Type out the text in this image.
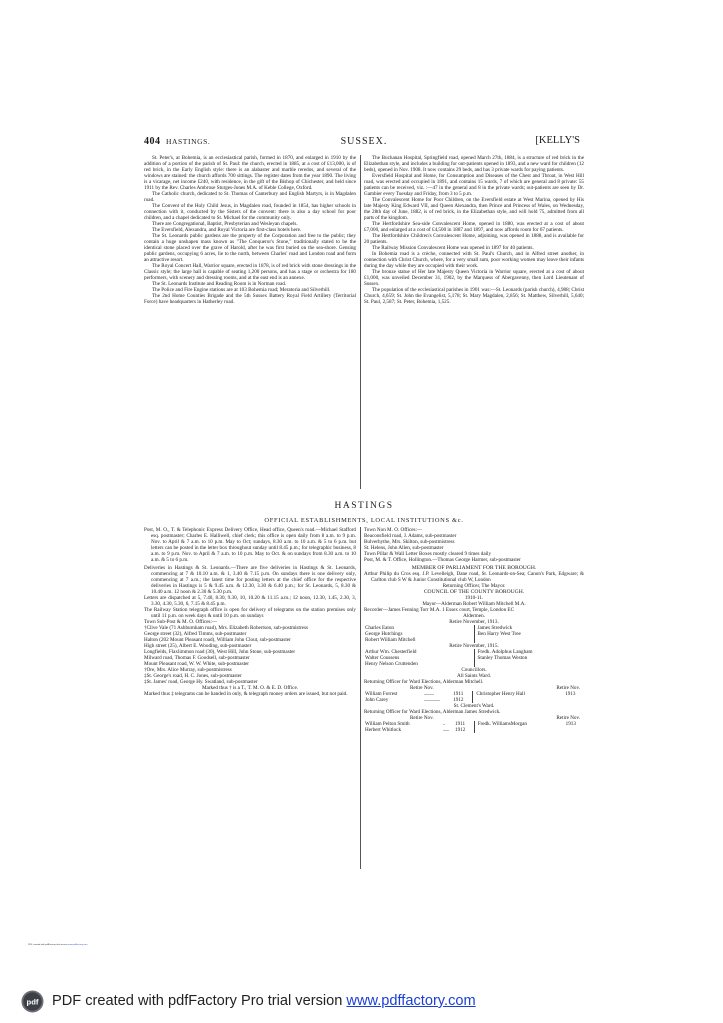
404 HASTINGS.	SUSSEX.	[KELLY'S

St. Peter's, at Bohemia, is an ecclesiastical parish, formed in 1870, and enlarged in 1910 by the addition of a portion of the parish of St. Paul: the church, erected in 1885, at a cost of £13,000, is of red brick, in the Early English style: there is an alabaster and marble reredos, and several of the windows are stained: the church affords 700 sittings. The register dates from the year 1890. The living is a vicarage, net income £240, with residence, in the gift of the Bishop of Chichester, and held since 1911 by the Rev. Charles Ambrose Sturges-Jones M.A. of Keble College, Oxford.

The Catholic church, dedicated to St. Thomas of Canterbury and English Martyrs, is in Magdalen road.

The Convent of the Holy Child Jesus, in Magdalen road, founded in 1854, has higher schools in connection with it, conducted by the Sisters of the convent: there is also a day school for poor children, and a chapel dedicated to St. Michael for the community only.

There are Congregational, Baptist, Presbyterian and Wesleyan chapels.

The Eversfield, Alexandra, and Royal Victoria are first-class hotels here.

The St. Leonards public gardens are the property of the Corporation and free to the public; they contain a huge unshapen mass known as "The Conqueror's Stone," traditionally stated to be the identical stone placed over the grave of Harold, after he was first buried on the sea-shore. Gensing public gardens, occupying 6 acres, lie to the north, between Charles' road and London road and form an attractive resort.

The Royal Concert Hall, Warrior square, erected in 1878, is of red brick with stone dressings in the Classic style; the large hall is capable of seating 1,200 persons, and has a stage or orchestra for 180 performers, with scenery and dressing rooms, and at the east end is an annexe.

The St. Leonards Institute and Reading Room is in Norman road.

The Police and Fire Engine stations are at 103 Bohemia road; Meratoria and Silverhill.

The 2nd Home Counties Brigade and the 5th Sussex Battery Royal Field Artillery (Territorial Force) have headquarters in Hatherley road.

The Buchanan Hospital, Springfield road, opened March 27th, 1884, is a structure of red brick in the Elizabethan style, and includes a building for out-patients opened in 1893, and a new ward for children (12 beds), opened in Nov. 1908. It now contains 29 beds, and has 3 private wards for paying patients.

Eversfield Hospital and Home, for Consumption and Diseases of the Chest and Throat, in West Hill road, was erected and occupied in 1891, and contains 15 wards, 7 of which are general and 8 private: 55 patients can be received, viz. :—47 in the general and 8 in the private wards; out-patients are seen by Dr. Gambier every Tuesday and Friday, from 3 to 5 p.m.

The Convalescent Home for Poor Children, on the Eversfield estate at West Marina, opened by His late Majesty King Edward VII, and Queen Alexandra, then Prince and Princess of Wales, on Wednesday, the 28th day of June, 1882, is of red brick, in the Elizabethan style, and will hold 75, admitted from all parts of the kingdom.

The Hertfordshire Sea-side Convalescent Home, opened in 1880, was erected at a cost of about £7,000, and enlarged at a cost of £4,500 in 1887 and 1897, and now affords room for 67 patients.

The Hertfordshire Children's Convalescent Home, adjoining, was opened in 1888, and is available for 20 patients.

The Railway Mission Convalescent Home was opened in 1897 for 40 patients.

In Bohemia road is a crèche, connected with St. Paul's Church, and in Alfred street another, in connection with Christ Church, where, for a very small sum, poor working women may leave their infants during the day while they are occupied with their work.

The bronze statue of Her late Majesty Queen Victoria in Warrior square, erected at a cost of about £1,000, was unveiled December 31, 1902, by the Marquess of Abergavenny, then Lord Lieutenant of Sussex.

The population of the ecclesiastical parishes in 1901 was:—St. Leonards (parish church), 4,988; Christ Church, 4,659; St. John the Evangelist, 5,178; St. Mary Magdalen, 2,856; St. Matthew, Silverhill, 5,640; St. Paul, 2,587; St. Peter, Bohemia, 1,525.

HASTINGS
OFFICIAL ESTABLISHMENTS, LOCAL INSTITUTIONS &c.

Post, M. O., T. & Telephonic Express Delivery Office, Head office, Queen's road.—Michael Stafford esq. postmaster; Charles E. Halliwell, chief clerk; this office is open daily from 8 a.m. to 9 p.m. Nov. to April & 7 a.m. to 10 p.m. May to Oct; sundays, 8.30 a.m. to 10 a.m. & 5 to 6 p.m. but letters can be posted in the letter box throughout sunday until 8.45 p.m.; for telegraphic business, 8 a.m. to 9 p.m. Nov. to April & 7 a.m. to 10 p.m. May to Oct. & on sundays from 8.30 a.m. to 10 a.m. & 5 to 6 p.m.

Deliveries in Hastings & St. Leonards.—There are five deliveries in Hastings & St. Leonards, commencing at 7 & 10.10 a.m. & 1, 3.40 & 7.15 p.m. On sundays there is one delivery only, commencing at 7 a.m.; the latest time for posting letters at the chief office for the respective deliveries in Hastings is 5 & 9.45 a.m. & 12.30, 3.30 & 6.40 p.m.; for St. Leonards, 5, 8.30 & 10.40 a.m. 12 noon & 2.30 & 5.30 p.m.

Letters are dispatched at 5, 7.40, 8.30, 9.30, 10, 10.20 & 11.15 a.m.; 12 noon, 12.30, 1.45, 2.30, 3, 3.30, 4.30, 5.30, 6, 7.15 & 8.45 p.m.

The Railway Station telegraph office is open for delivery of telegrams on the station premises only until 11 p.m. on week days & until 10 p.m. on sundays

Town Sub-Post & M. O. Offices:—

†Clive Vale (71 Ashburnham road), Mrs. Elizabeth Robertson, sub-postmistress

George street (32), Alfred Timms, sub-postmaster

Halton (202 Mount Pleasant road), William John Clout, sub-postmaster

High street (25), Albert E. Wooding, sub-postmaster

Longfields, Flaxlimmon road (30), West Hill, John Stone, sub-postmaster

Milward road, Thomas F. Goodsell, sub-postmaster

Mount Pleasant road, W. W. White, sub-postmaster

†Ore, Mrs. Alice Murray, sub-postmistress

‡St. George's road, H. C. Jones, sub-postmaster

‡St. James' road, George Hy. Swatland, sub-postmaster

Marked thus † is a T., T. M. O. & E. D. Office.

Marked thus ‡ telegrams can be handed in only, & telegraph money orders are issued, but not paid.

Town Non M. O. Offices:—

Beaconsfield road, J. Adams, sub-postmaster

Bulverhythe, Mrs. Skilton, sub-postmistress

St. Helens, John Allen, sub-postmaster

Town Pillar & Wall Letter Boxes mostly cleared 9 times daily

Post, M. & T. Office, Hollington.—Thomas George Harmer, sub-postmaster

MEMBER OF PARLIAMENT FOR THE BOROUGH.

Arthur Philip du Cros esq. J.P. Levelleigh, Dane road, St. Leonards-on-Sea; Canon's Park, Edgware; & Carlton club S W & Junior Constitutional club W, London

Returning Officer, The Mayor.

COUNCIL OF THE COUNTY BOROUGH.

1910-11.

Mayor—Alderman Robert William Mitchell M.A.

Recorder—James Fenning Torr M.A. 1 Essex court, Temple, London EC

Aldermen.

Retire November, 1913.

Charles Eaton	James Stredwick
George Hutchings	Ben Harry West Tree
Robert William Mitchell	

Retire November, 1915.

Arthur Wm. Chesterfield	Fredk. Adolphus Langham
Walter Coussens	Stanley Thomas Weston
Henry Nelson Cruttenden	

Councillors.

All Saints Ward.

Returning Officer for Ward Elections, Alderman Mitchell.

Retire Nov.	Retire Nov.
William Forrest	..........	1911	Christopher Henry Hall	1913
John Carey	................	1912		

St. Clement's Ward.

Returning Officer for Ward Elections, Alderman James Stredwick.

Retire Nov.	Retire Nov.
William Pelton Smith	..	1911	Fredk. WilliamsMorgan	1913
Herbert Whitlock	......	1912		
PDF created with pdfFactory trial version www.pdffactory.com
pdf PDF created with pdfFactory Pro trial version www.pdffactory.com
